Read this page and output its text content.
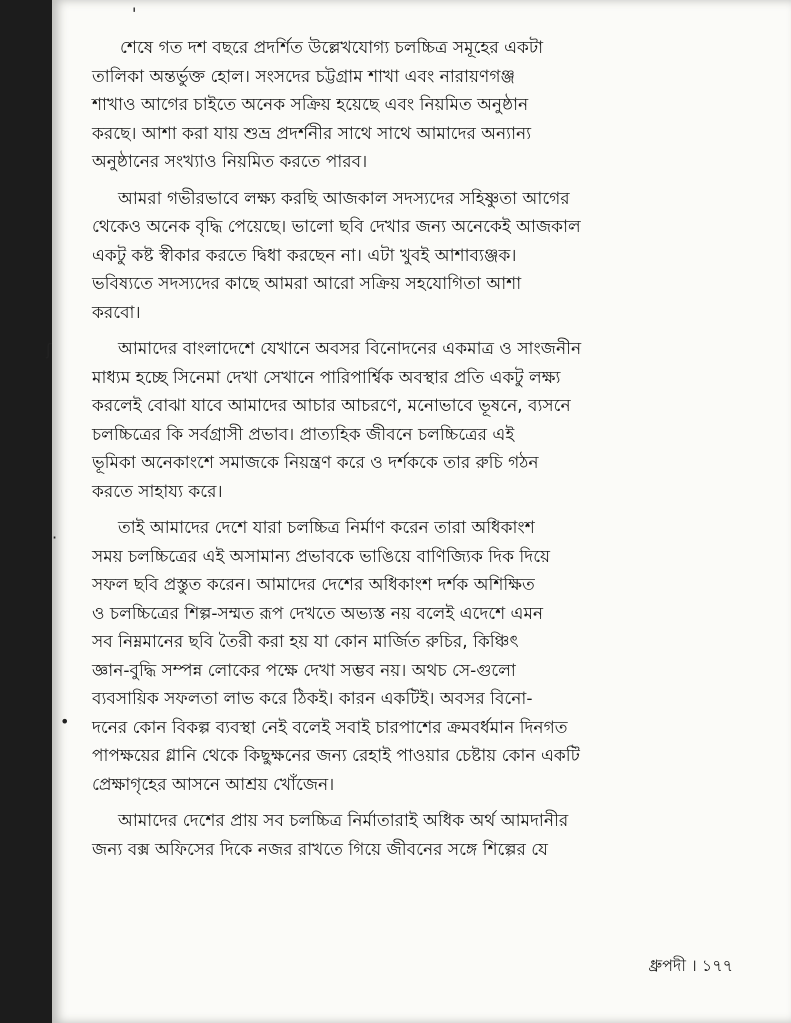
'
ʃ
·
•

শেষে গত দশ বছরে প্রদর্শিত উল্লেখযোগ্য চলচ্চিত্র সমূহের একটা
তালিকা অন্তর্ভুক্ত হোল। সংসদের চট্টগ্রাম শাখা এবং নারায়ণগঞ্জ
শাখাও আগের চাইতে অনেক সক্রিয় হয়েছে এবং নিয়মিত অনুষ্ঠান
করছে। আশা করা যায় শুভ্র প্রদর্শনীর সাথে সাথে আমাদের অন্যান্য
অনুষ্ঠানের সংখ্যাও নিয়মিত করতে পারব।

আমরা গভীরভাবে লক্ষ্য করছি আজকাল সদস্যদের সহিষ্ণুতা আগের
থেকেও অনেক বৃদ্ধি পেয়েছে। ভালো ছবি দেখার জন্য অনেকেই আজকাল
একটু কষ্ট স্বীকার করতে দ্বিধা করছেন না। এটা খুবই আশাব্যঞ্জক।
ভবিষ্যতে সদস্যদের কাছে আমরা আরো সক্রিয় সহযোগিতা আশা
করবো।

আমাদের বাংলাদেশে যেখানে অবসর বিনোদনের একমাত্র ও সাংজনীন
মাধ্যম হচ্ছে সিনেমা দেখা সেখানে পারিপার্শ্বিক অবস্থার প্রতি একটু লক্ষ্য
করলেই বোঝা যাবে আমাদের আচার আচরণে, মনোভাবে ভূষনে, ব্যসনে
চলচ্চিত্রের কি সর্বগ্রাসী প্রভাব। প্রাত্যহিক জীবনে চলচ্চিত্রের এই
ভূমিকা অনেকাংশে সমাজকে নিয়ন্ত্রণ করে ও দর্শককে তার রুচি গঠন
করতে সাহায্য করে।

তাই আমাদের দেশে যারা চলচ্চিত্র নির্মাণ করেন তারা অধিকাংশ
সময় চলচ্চিত্রের এই অসামান্য প্রভাবকে ভাঙিয়ে বাণিজ্যিক দিক দিয়ে
সফল ছবি প্রস্তুত করেন। আমাদের দেশের অধিকাংশ দর্শক অশিক্ষিত
ও চলচ্চিত্রের শিল্প-সম্মত রূপ দেখতে অভ্যস্ত নয় বলেই এদেশে এমন
সব নিম্নমানের ছবি তৈরী করা হয় যা কোন মার্জিত রুচির, কিঞ্চিৎ
জ্ঞান-বুদ্ধি সম্পন্ন লোকের পক্ষে দেখা সম্ভব নয়। অথচ সে-গুলো
ব্যবসায়িক সফলতা লাভ করে ঠিকই। কারন একটিই। অবসর বিনো-
দনের কোন বিকল্প ব্যবস্থা নেই বলেই সবাই চারপাশের ক্রমবর্ধমান দিনগত
পাপক্ষয়ের গ্লানি থেকে কিছুক্ষনের জন্য রেহাই পাওয়ার চেষ্টায় কোন একটি
প্রেক্ষাগৃহের আসনে আশ্রয় খোঁজেন।

আমাদের দেশের প্রায় সব চলচ্চিত্র নির্মাতারাই অধিক অর্থ আমদানীর
জন্য বক্স অফিসের দিকে নজর রাখতে গিয়ে জীবনের সঙ্গে শিল্পের যে

ধ্রুপদী । ১৭৭
